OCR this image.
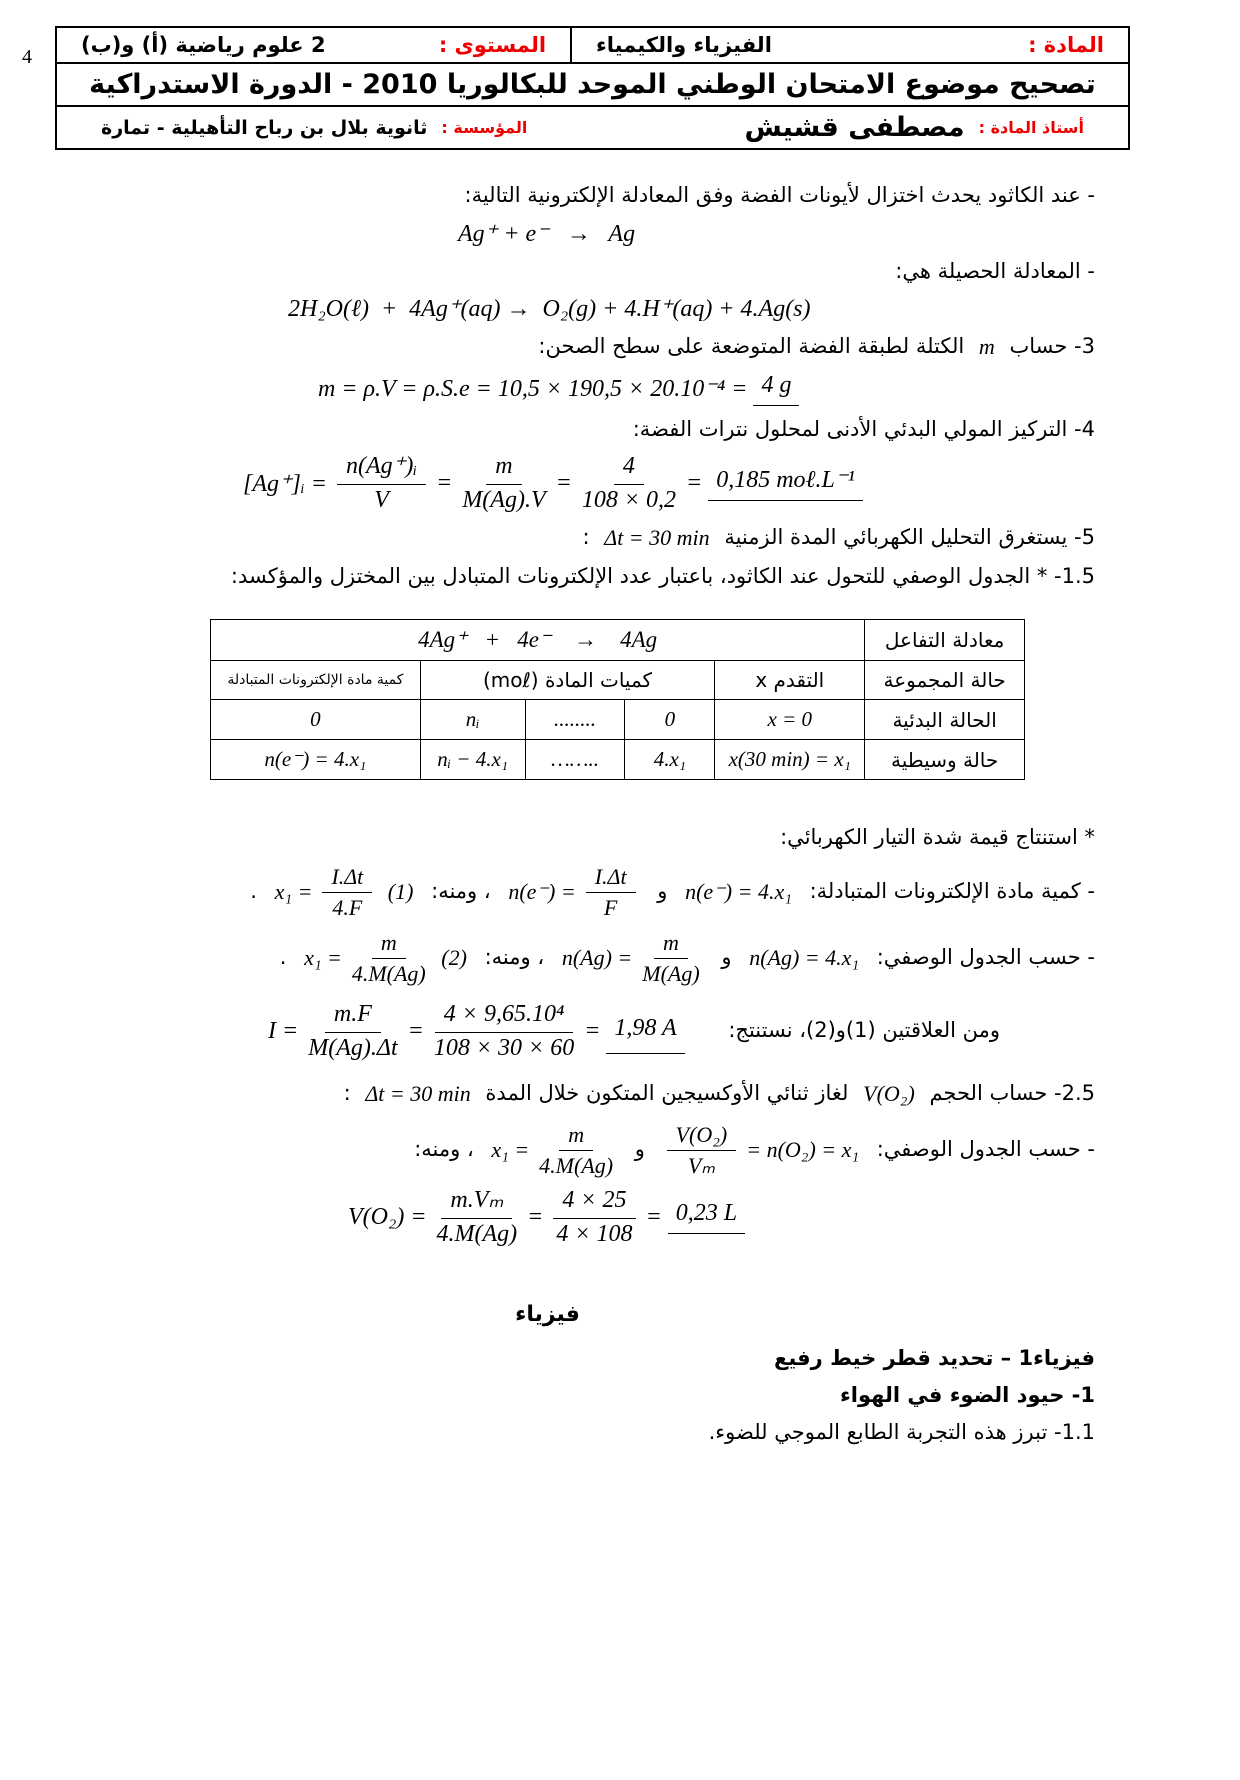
4	المادة :
الفيزياء والكيمياء

المستوى :
2 علوم رياضية (أ) و(ب)

تصحيح موضوع الامتحان الوطني الموحد للبكالوريا 2010 - الدورة الاستدراكية

أستاذ المادة :
مصطفى قشيش
المؤسسة :
ثانوية بلال بن رباح التأهيلية - تمارة

- عند الكاثود يحدث اختزال لأيونات الفضة وفق المعادلة الإلكترونية التالية:

Ag⁺ + e⁻   →   Ag

- المعادلة الحصيلة هي:

2H₂O(ℓ)  +  4Ag⁺(aq) →  O₂(g) + 4.H⁺(aq) + 4.Ag(s)

3- حساب m الكتلة لطبقة الفضة المتوضعة على سطح الصحن:

m = ρ.V = ρ.S.e = 10,5 × 190,5 × 20.10⁻⁴ = 4 g

4- التركيز المولي البدئي الأدنى لمحلول نترات الفضة:

[Ag⁺]ᵢ = $\frac{\text{n(Ag⁺)ᵢ}}{V} = \frac{m}{M(Ag).V} = \frac{4}{108 \times 0,2} = 0,185$ moℓ.L⁻¹

5- يستغرق التحليل الكهربائي المدة الزمنية Δt = 30 min :

1.5- * الجدول الوصفي للتحول عند الكاثود، باعتبار عدد الإلكترونات المتبادل بين المختزل والمؤكسد:

معادلة التفاعل	4Ag⁺   +   4e⁻    →    4Ag				
حالة المجموعة	التقدم x	كميات المادة (moℓ)			كمية مادة الإلكترونات المتبادلة
الحالة البدئية	x = 0	0	........	nᵢ	0
حالة وسيطية	x(30 min) = x₁	4.x₁	……..	nᵢ − 4.x₁	n(e⁻) = 4.x₁

* استنتاج قيمة شدة التيار الكهربائي:

- كمية مادة الإلكترونات المتبادلة:
n(e⁻) = 4.x₁
و
$n(e^-) = \frac{I.\Delta t}{F}$
، ومنه:
$x_1 = \frac{I.\Delta t}{4.F} (1)$
.
- حسب الجدول الوصفي:
n(Ag) = 4.x₁
و
$n(Ag) = \frac{m}{M(Ag)}$
، ومنه:
$x_1 = \frac{m}{4.M(Ag)} (2)$
.
ومن العلاقتين (1)و(2)، نستنتج:
$I = \frac{m.F}{M(Ag).\Delta t} = \frac{\text{4 × 9,65.10⁴}}{108 \times 30 \times 60} = 1,98$ A

2.5- حساب الحجم V(O₂) لغاز ثنائي الأوكسيجين المتكون خلال المدة Δt = 30 min :

- حسب الجدول الوصفي:
$\frac{\text{V(O₂)}}{\text{Vₘ}} = n(O_2) = x_1$
و
$x_1 = \frac{m}{4.M(Ag)}$
، ومنه:
$V(O_2) = \frac{\text{m.Vₘ}}{4.M(Ag)} = \frac{4 \times 25}{4 \times 108} = 0,23$ L
فيزياء

فيزياء1 – تحديد قطر خيط رفيع

1- حيود الضوء في الهواء

1.1- تبرز هذه التجربة الطابع الموجي للضوء.
